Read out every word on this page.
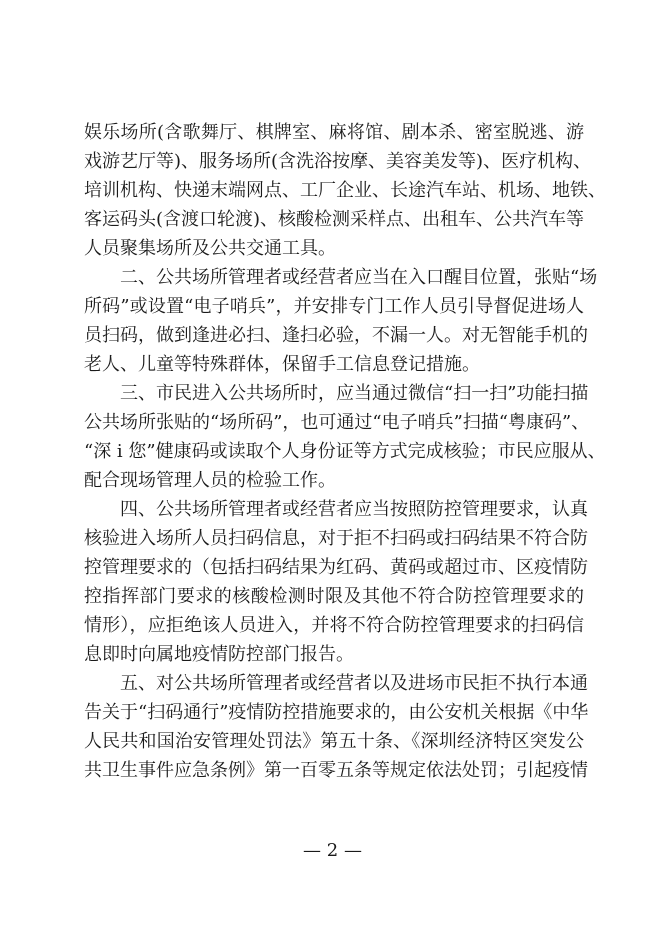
娱乐场所(含歌舞厅、棋牌室、麻将馆、剧本杀、密室脱逃、游
戏游艺厅等)、服务场所(含洗浴按摩、美容美发等)、医疗机构、
培训机构、快递末端网点、工厂企业、长途汽车站、机场、地铁、
客运码头(含渡口轮渡)、核酸检测采样点、出租车、公共汽车等
人员聚集场所及公共交通工具。
二、公共场所管理者或经营者应当在入口醒目位置，张贴“场
所码”或设置“电子哨兵”，并安排专门工作人员引导督促进场人
员扫码，做到逢进必扫、逢扫必验，不漏一人。对无智能手机的
老人、儿童等特殊群体，保留手工信息登记措施。
三、市民进入公共场所时，应当通过微信“扫一扫”功能扫描
公共场所张贴的“场所码”，也可通过“电子哨兵”扫描“粤康码”、
“深 i 您”健康码或读取个人身份证等方式完成核验；市民应服从、
配合现场管理人员的检验工作。
四、公共场所管理者或经营者应当按照防控管理要求，认真
核验进入场所人员扫码信息，对于拒不扫码或扫码结果不符合防
控管理要求的（包括扫码结果为红码、黄码或超过市、区疫情防
控指挥部门要求的核酸检测时限及其他不符合防控管理要求的
情形），应拒绝该人员进入，并将不符合防控管理要求的扫码信
息即时向属地疫情防控部门报告。
五、对公共场所管理者或经营者以及进场市民拒不执行本通
告关于“扫码通行”疫情防控措施要求的，由公安机关根据《中华
人民共和国治安管理处罚法》第五十条、《深圳经济特区突发公
共卫生事件应急条例》第一百零五条等规定依法处罚；引起疫情
— 2 —
